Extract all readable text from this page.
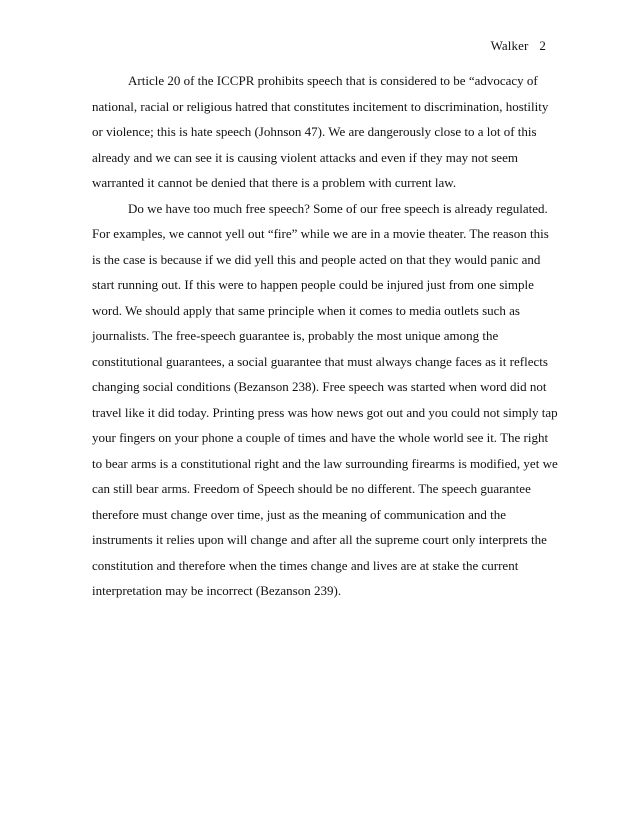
Walker 2
Article 20 of the ICCPR prohibits speech that is considered to be “advocacy of
national, racial or religious hatred that constitutes incitement to discrimination, hostility
or violence; this is hate speech (Johnson 47). We are dangerously close to a lot of this
already and we can see it is causing violent attacks and even if they may not seem
warranted it cannot be denied that there is a problem with current law.
Do we have too much free speech? Some of our free speech is already regulated.
For examples, we cannot yell out “fire” while we are in a movie theater. The reason this
is the case is because if we did yell this and people acted on that they would panic and
start running out. If this were to happen people could be injured just from one simple
word. We should apply that same principle when it comes to media outlets such as
journalists. The free-speech guarantee is, probably the most unique among the
constitutional guarantees, a social guarantee that must always change faces as it reflects
changing social conditions (Bezanson 238). Free speech was started when word did not
travel like it did today. Printing press was how news got out and you could not simply tap
your fingers on your phone a couple of times and have the whole world see it. The right
to bear arms is a constitutional right and the law surrounding firearms is modified, yet we
can still bear arms. Freedom of Speech should be no different. The speech guarantee
therefore must change over time, just as the meaning of communication and the
instruments it relies upon will change and after all the supreme court only interprets the
constitution and therefore when the times change and lives are at stake the current
interpretation may be incorrect (Bezanson 239).
